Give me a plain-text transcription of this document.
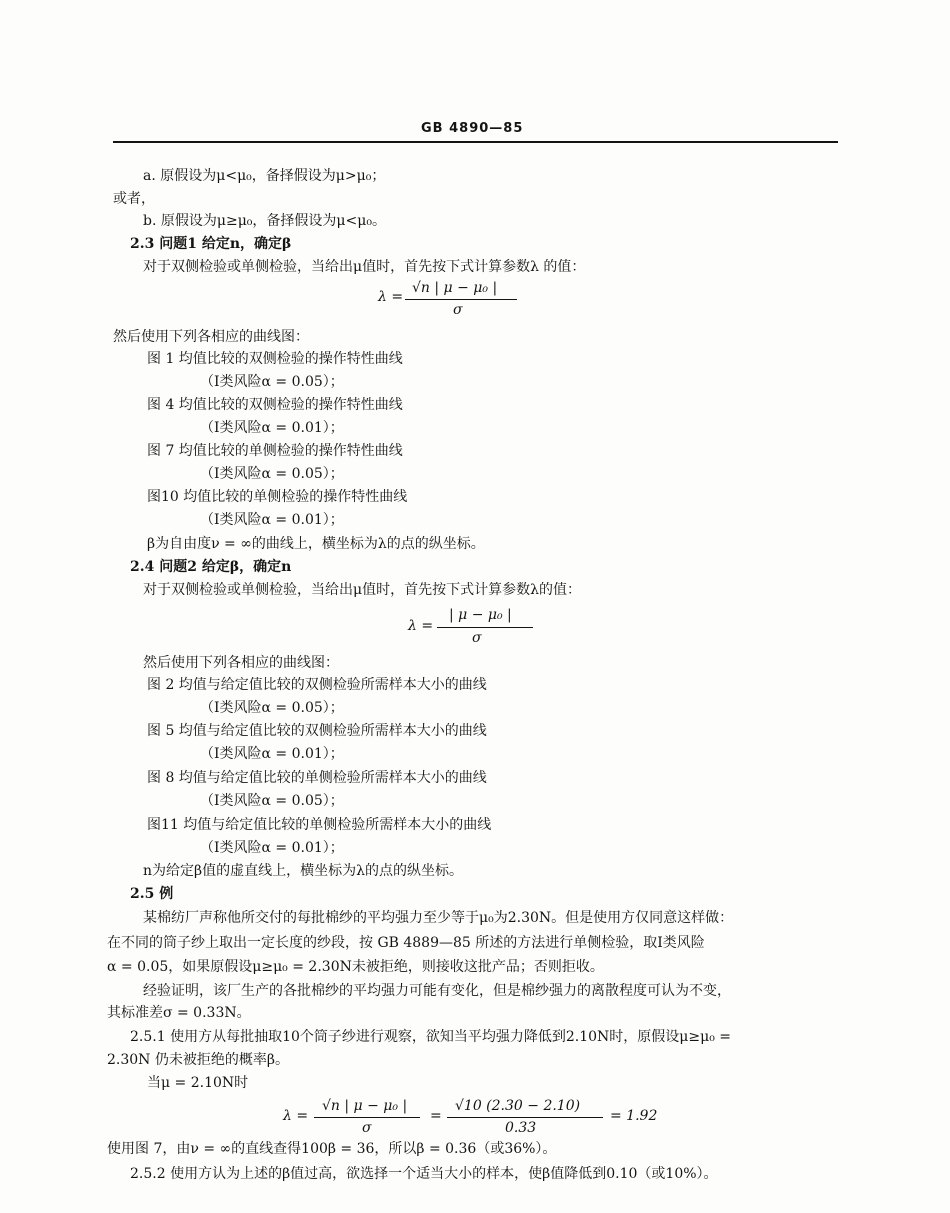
GB 4890—85
a. 原假设为μ<μ₀，备择假设为μ>μ₀；
或者，
b. 原假设为μ≥μ₀，备择假设为μ<μ₀。
2.3 问题1 给定n，确定β
对于双侧检验或单侧检验，当给出μ值时，首先按下式计算参数λ 的值：
λ =
√n | μ − μ₀ |
σ
然后使用下列各相应的曲线图：
图 1 均值比较的双侧检验的操作特性曲线
（Ⅰ类风险α = 0.05）；
图 4 均值比较的双侧检验的操作特性曲线
（Ⅰ类风险α = 0.01）；
图 7 均值比较的单侧检验的操作特性曲线
（Ⅰ类风险α = 0.05）；
图10 均值比较的单侧检验的操作特性曲线
（Ⅰ类风险α = 0.01）；
β为自由度ν = ∞的曲线上，横坐标为λ的点的纵坐标。
2.4 问题2 给定β，确定n
对于双侧检验或单侧检验，当给出μ值时，首先按下式计算参数λ的值：
λ =
| μ − μ₀ |
σ
然后使用下列各相应的曲线图：
图 2 均值与给定值比较的双侧检验所需样本大小的曲线
（Ⅰ类风险α = 0.05）；
图 5 均值与给定值比较的双侧检验所需样本大小的曲线
（Ⅰ类风险α = 0.01）；
图 8 均值与给定值比较的单侧检验所需样本大小的曲线
（Ⅰ类风险α = 0.05）；
图11 均值与给定值比较的单侧检验所需样本大小的曲线
（Ⅰ类风险α = 0.01）；
n为给定β值的虚直线上，横坐标为λ的点的纵坐标。
2.5 例
某棉纺厂声称他所交付的每批棉纱的平均强力至少等于μ₀为2.30N。但是使用方仅同意这样做：
在不同的筒子纱上取出一定长度的纱段，按 GB 4889—85 所述的方法进行单侧检验，取Ⅰ类风险
α = 0.05，如果原假设μ≥μ₀ = 2.30N未被拒绝，则接收这批产品；否则拒收。
经验证明，该厂生产的各批棉纱的平均强力可能有变化，但是棉纱强力的离散程度可认为不变，
其标准差σ = 0.33N。
2.5.1 使用方从每批抽取10个筒子纱进行观察，欲知当平均强力降低到2.10N时，原假设μ≥μ₀ =
2.30N 仍未被拒绝的概率β。
当μ = 2.10N时
λ =
√n | μ − μ₀ |
σ
=
√10 (2.30 − 2.10)
0.33
= 1.92
使用图 7，由ν = ∞的直线查得100β = 36，所以β = 0.36（或36%）。
2.5.2 使用方认为上述的β值过高，欲选择一个适当大小的样本，使β值降低到0.10（或10%）。
